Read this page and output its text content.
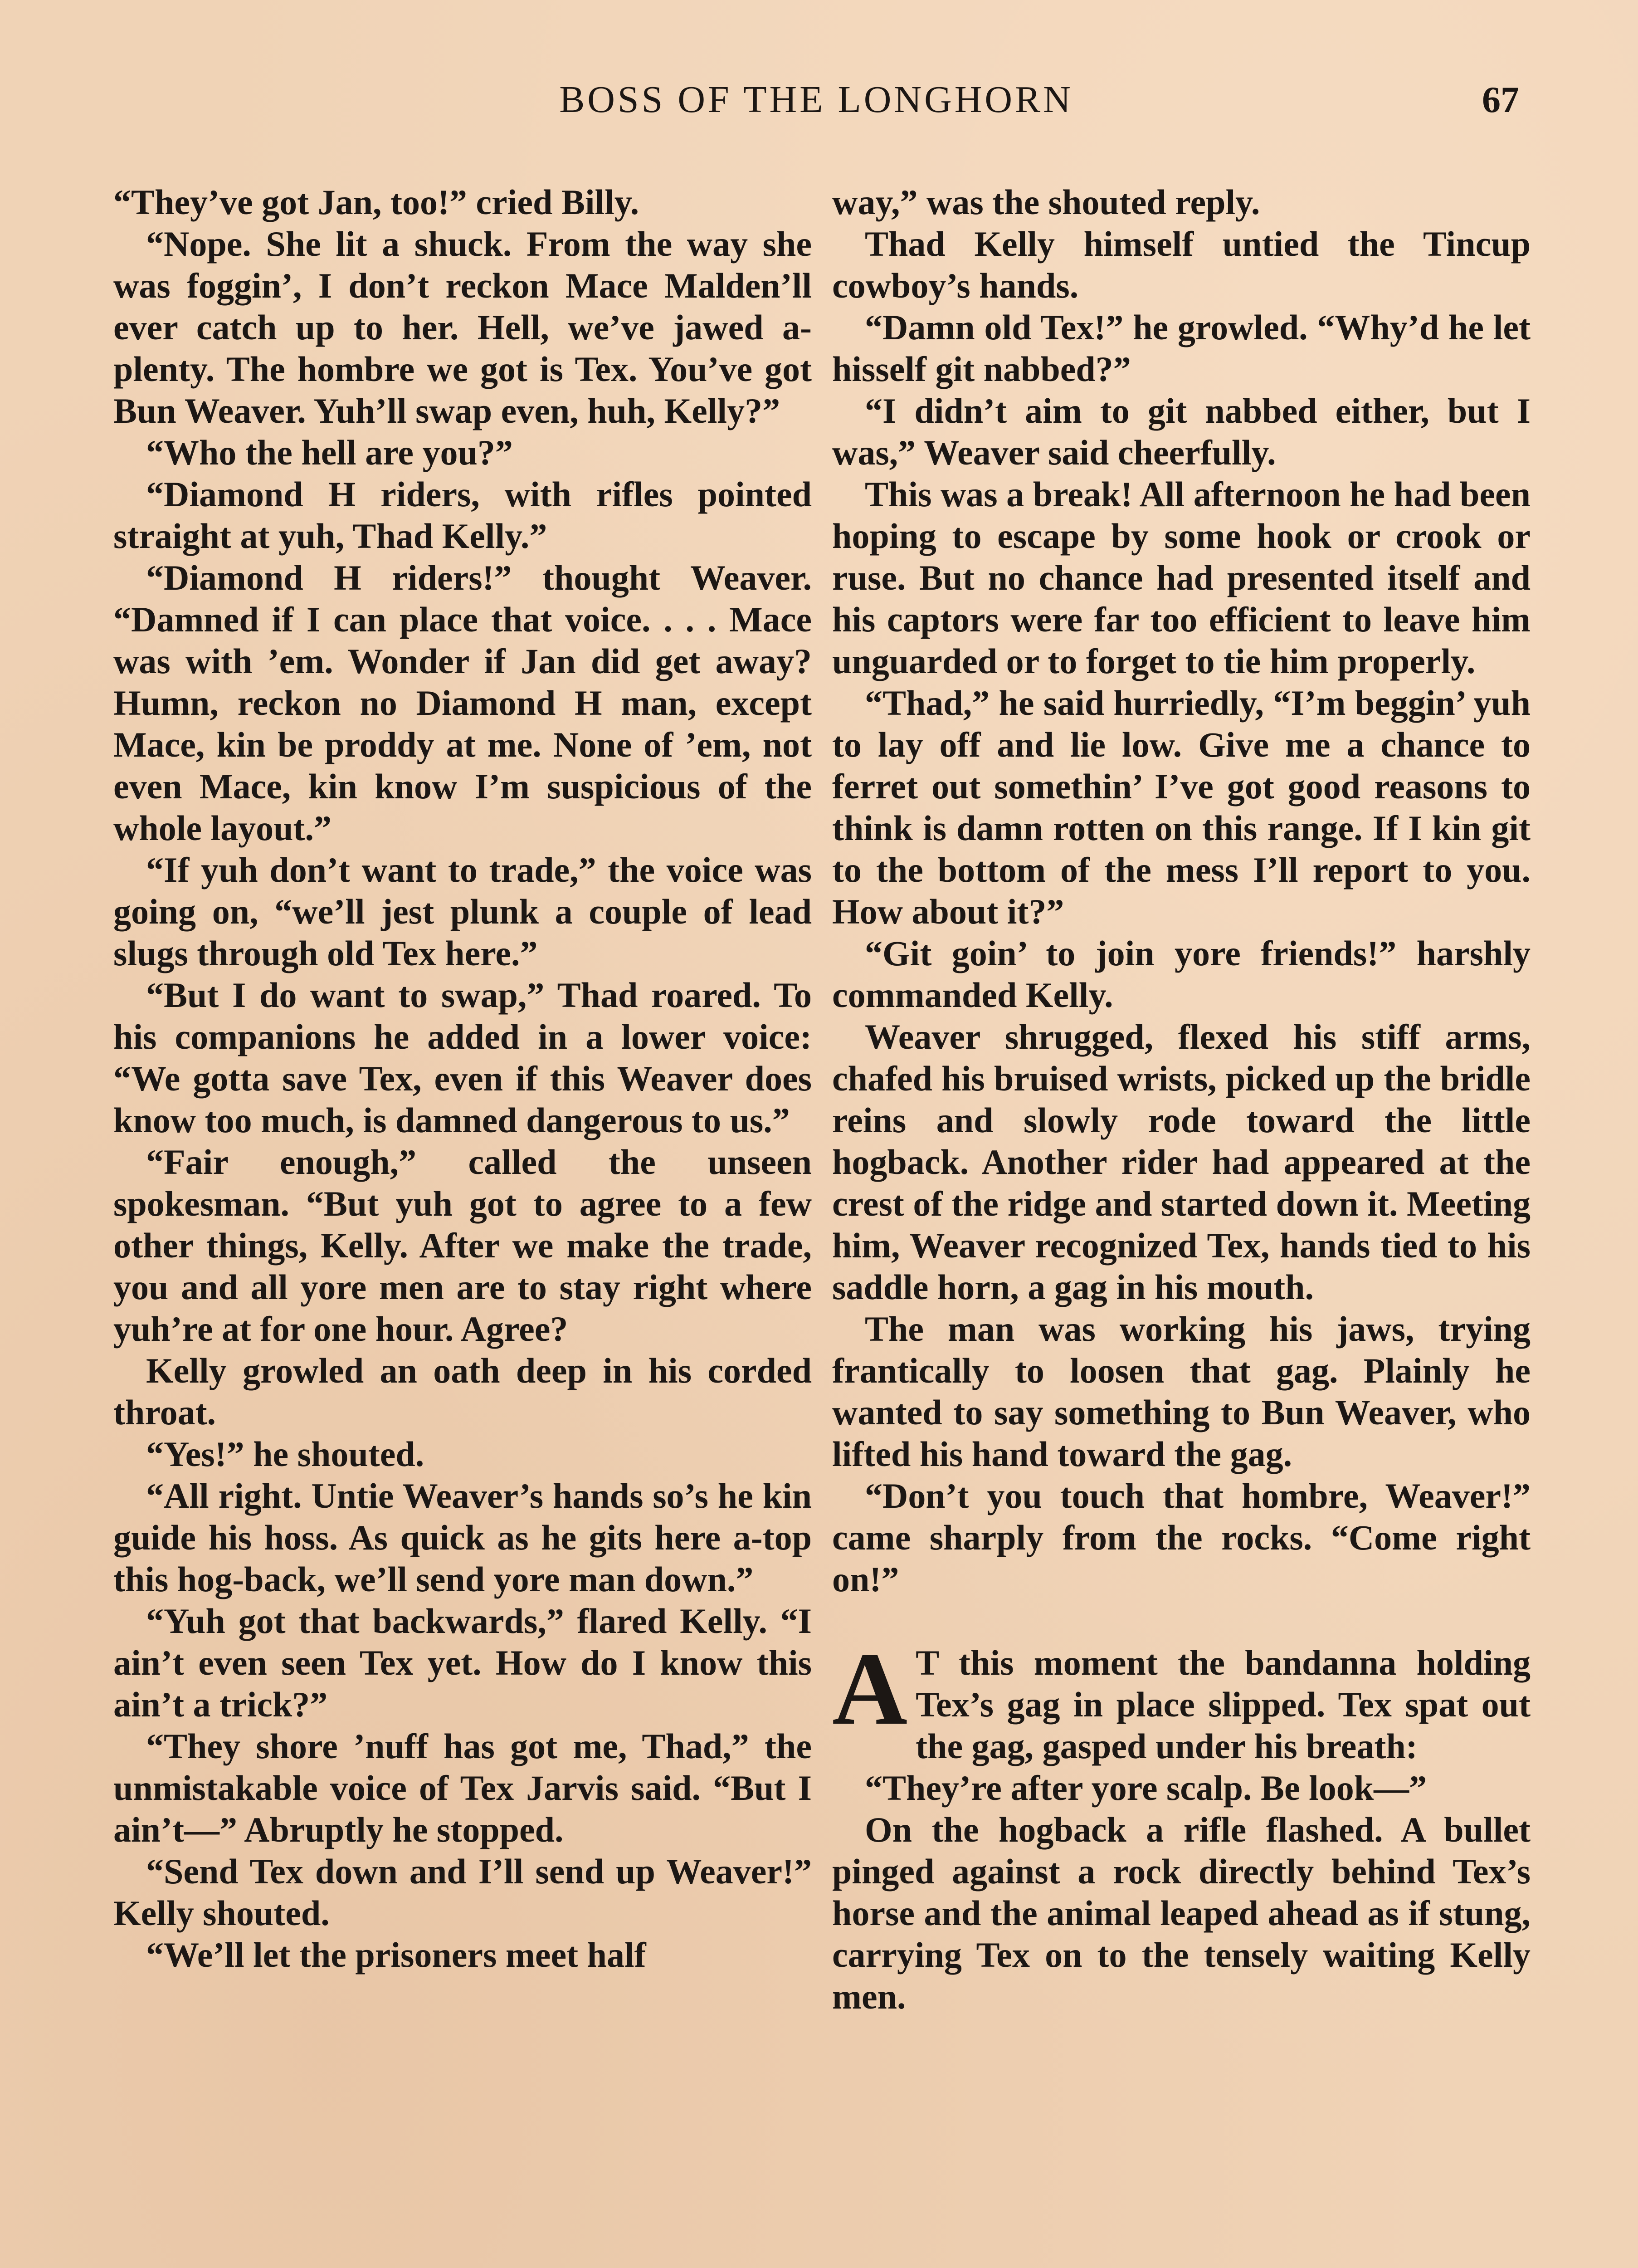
BOSS OF THE LONGHORN	67

“They’ve got Jan, too!” cried Billy.

“Nope. She lit a shuck. From the way she was foggin’, I don’t reckon Mace Malden’ll ever catch up to her. Hell, we’ve jawed a-plenty. The hombre we got is Tex. You’ve got Bun Weaver. Yuh’ll swap even, huh, Kelly?”

“Who the hell are you?”

“Diamond H riders, with rifles pointed straight at yuh, Thad Kelly.”

“Diamond H riders!” thought Weaver. “Damned if I can place that voice. . . . Mace was with ’em. Wonder if Jan did get away? Humn, reckon no Diamond H man, except Mace, kin be proddy at me. None of ’em, not even Mace, kin know I’m suspicious of the whole layout.”

“If yuh don’t want to trade,” the voice was going on, “we’ll jest plunk a couple of lead slugs through old Tex here.”

“But I do want to swap,” Thad roared. To his companions he added in a lower voice: “We gotta save Tex, even if this Weaver does know too much, is damned dangerous to us.”

“Fair enough,” called the unseen spokesman. “But yuh got to agree to a few other things, Kelly. After we make the trade, you and all yore men are to stay right where yuh’re at for one hour. Agree?

Kelly growled an oath deep in his corded throat.

“Yes!” he shouted.

“All right. Untie Weaver’s hands so’s he kin guide his hoss. As quick as he gits here a-top this hog-back, we’ll send yore man down.”

“Yuh got that backwards,” flared Kelly. “I ain’t even seen Tex yet. How do I know this ain’t a trick?”

“They shore ’nuff has got me, Thad,” the unmistakable voice of Tex Jarvis said. “But I ain’t—” Abruptly he stopped.

“Send Tex down and I’ll send up Weaver!” Kelly shouted.

“We’ll let the prisoners meet half

way,” was the shouted reply.

Thad Kelly himself untied the Tincup cowboy’s hands.

“Damn old Tex!” he growled. “Why’d he let hisself git nabbed?”

“I didn’t aim to git nabbed either, but I was,” Weaver said cheerfully.

This was a break! All afternoon he had been hoping to escape by some hook or crook or ruse. But no chance had presented itself and his captors were far too efficient to leave him unguarded or to forget to tie him properly.

“Thad,” he said hurriedly, “I’m beggin’ yuh to lay off and lie low. Give me a chance to ferret out somethin’ I’ve got good reasons to think is damn rotten on this range. If I kin git to the bottom of the mess I’ll report to you. How about it?”

“Git goin’ to join yore friends!” harshly commanded Kelly.

Weaver shrugged, flexed his stiff arms, chafed his bruised wrists, picked up the bridle reins and slowly rode toward the little hogback. Another rider had appeared at the crest of the ridge and started down it. Meeting him, Weaver recognized Tex, hands tied to his saddle horn, a gag in his mouth.

The man was working his jaws, trying frantically to loosen that gag. Plainly he wanted to say something to Bun Weaver, who lifted his hand toward the gag.

“Don’t you touch that hombre, Weaver!” came sharply from the rocks. “Come right on!”

A T this moment the bandanna holding Tex’s gag in place slipped. Tex spat out the gag, gasped under his breath:

“They’re after yore scalp. Be look—”

On the hogback a rifle flashed. A bullet pinged against a rock directly behind Tex’s horse and the animal leaped ahead as if stung, carrying Tex on to the tensely waiting Kelly men.
